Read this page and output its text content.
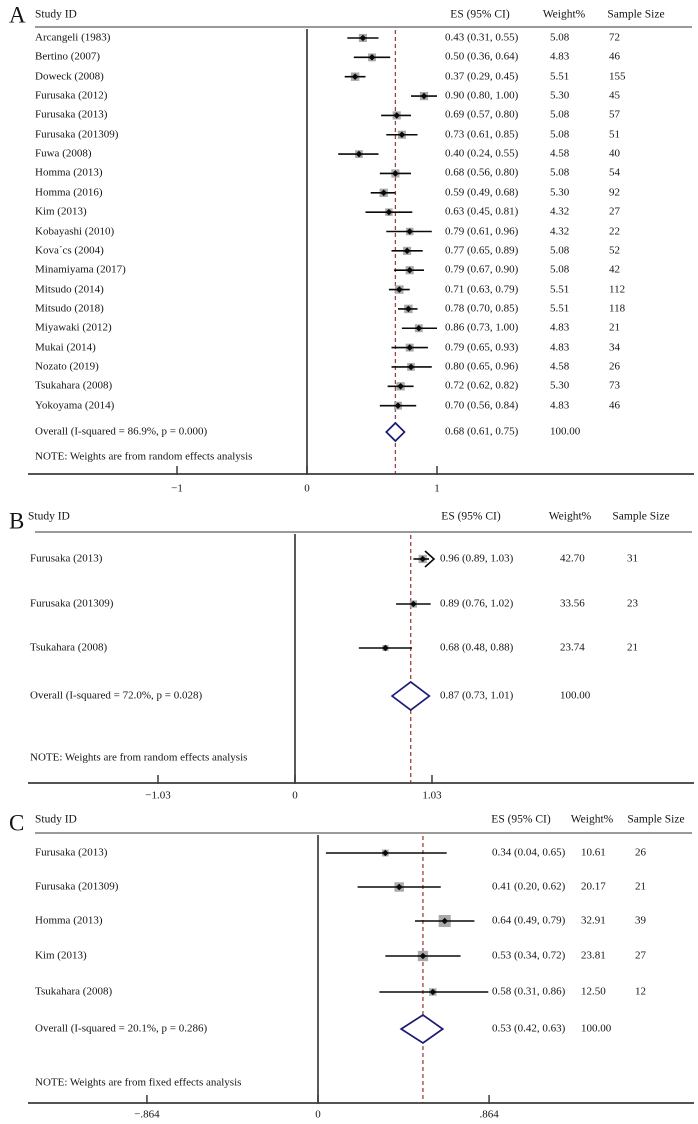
A Study ID	ES (95% CI)	Weight% Sample Size
−1	0	1
Arcangeli (1983)	0.43 (0.31, 0.55)	5.08	72
Bertino (2007)	0.50 (0.36, 0.64)	4.83	46
Doweck (2008)	0.37 (0.29, 0.45)	5.51	155
Furusaka (2012)	0.90 (0.80, 1.00)	5.30	45
Furusaka (2013)	0.69 (0.57, 0.80)	5.08	57
Furusaka (201309)	0.73 (0.61, 0.85)	5.08	51
Fuwa (2008)	0.40 (0.24, 0.55)	4.58	40
Homma (2013)	0.68 (0.56, 0.80)	5.08	54
Homma (2016)	0.59 (0.49, 0.68)	5.30	92
Kim (2013)	0.63 (0.45, 0.81)	4.32	27
Kobayashi (2010)	0.79 (0.61, 0.96)	4.32	22
Kova´cs (2004)	0.77 (0.65, 0.89)	5.08	52
Minamiyama (2017)	0.79 (0.67, 0.90)	5.08	42
Mitsudo (2014)	0.71 (0.63, 0.79)	5.51	112
Mitsudo (2018)	0.78 (0.70, 0.85)	5.51	118
Miyawaki (2012)	0.86 (0.73, 1.00)	4.83	21
Mukai (2014)	0.79 (0.65, 0.93)	4.83	34
Nozato (2019)	0.80 (0.65, 0.96)	4.58	26
Tsukahara (2008)	0.72 (0.62, 0.82)	5.30	73
Yokoyama (2014)	0.70 (0.56, 0.84)	4.83	46
Overall (I-squared = 86.9%, p = 0.000)	0.68 (0.61, 0.75)	100.00
NOTE: Weights are from random effects analysis
B Study ID	ES (95% CI)	Weight% Sample Size
−1.03	0	1.03
Furusaka (2013)	0.96 (0.89, 1.03)	42.70	31
Furusaka (201309)	0.89 (0.76, 1.02)	33.56	23
Tsukahara (2008)	0.68 (0.48, 0.88)	23.74	21
Overall (I-squared = 72.0%, p = 0.028)	0.87 (0.73, 1.01)	100.00
NOTE: Weights are from random effects analysis
C Study ID	ES (95% CI) Weight% Sample Size
−.864	0	.864
Furusaka (2013)	0.34 (0.04, 0.65) 10.61	26
Furusaka (201309)	0.41 (0.20, 0.62) 20.17	21
Homma (2013)	0.64 (0.49, 0.79) 32.91	39
Kim (2013)	0.53 (0.34, 0.72) 23.81	27
Tsukahara (2008)	0.58 (0.31, 0.86) 12.50	12
Overall (I-squared = 20.1%, p = 0.286)	0.53 (0.42, 0.63) 100.00
NOTE: Weights are from fixed effects analysis
